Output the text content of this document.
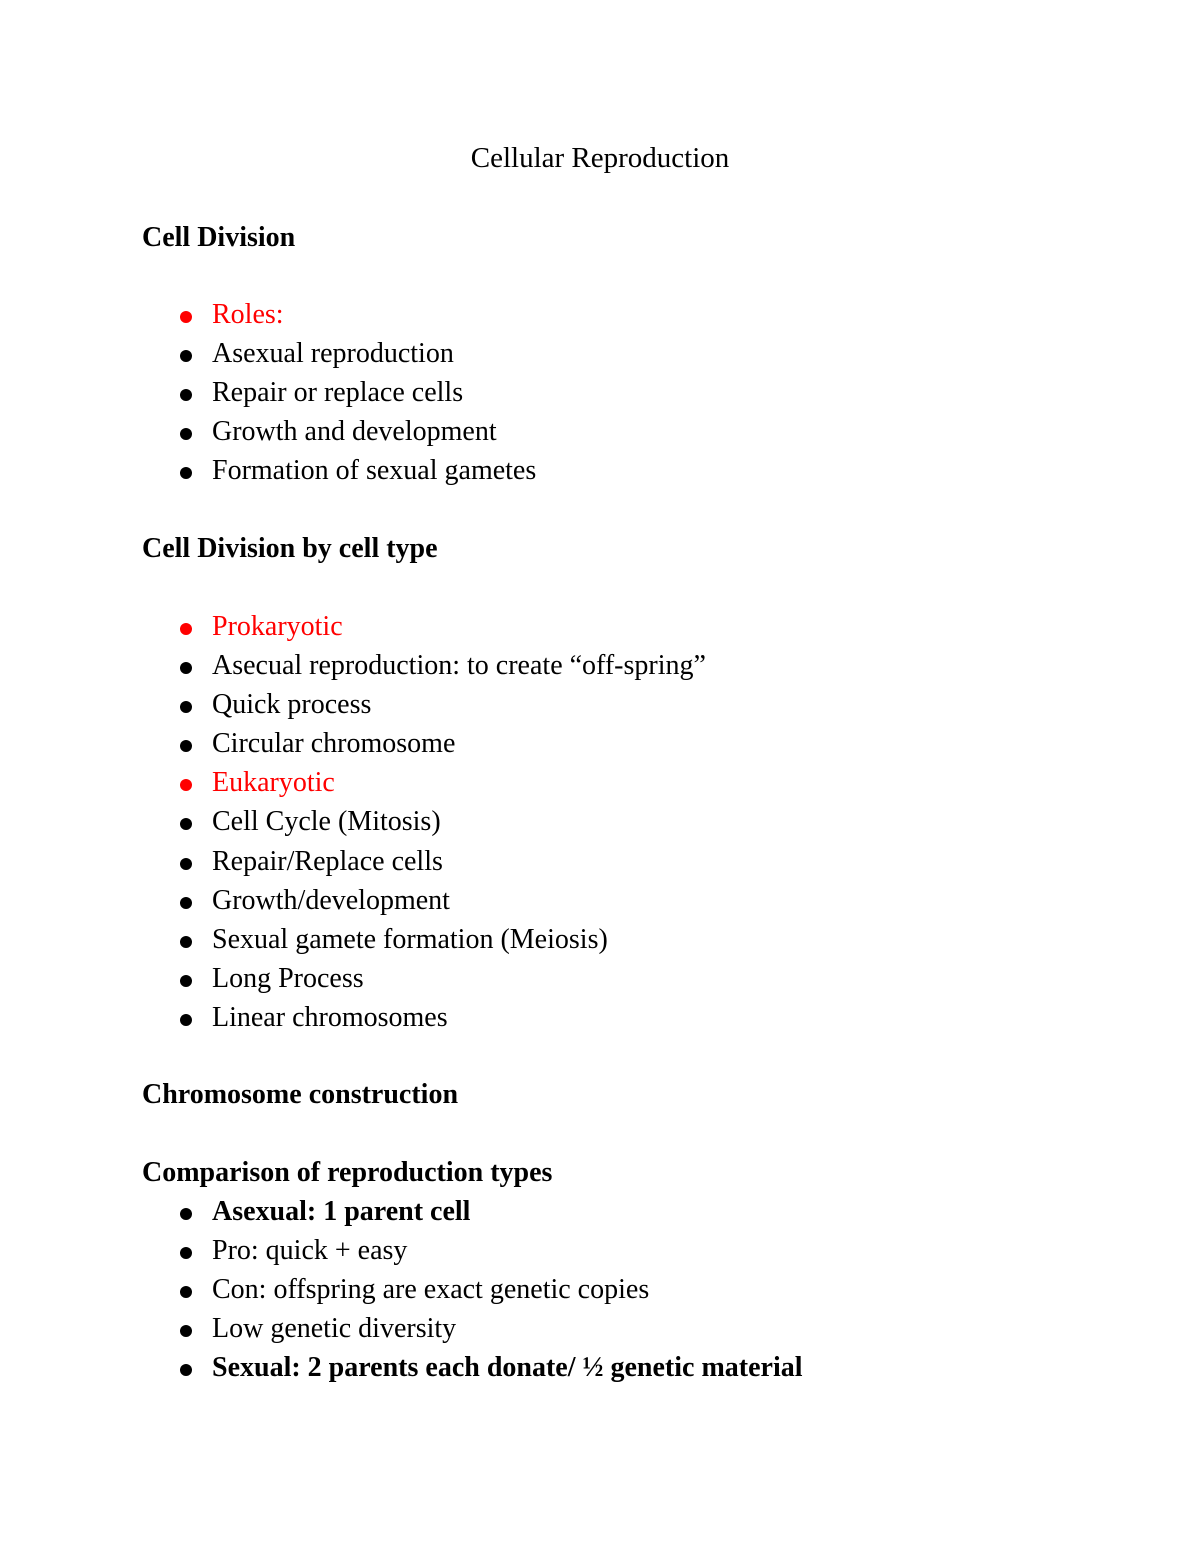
Cellular Reproduction
Cell Division
Roles:
Asexual reproduction
Repair or replace cells
Growth and development
Formation of sexual gametes
Cell Division by cell type
Prokaryotic
Asecual reproduction: to create “off-spring”
Quick process
Circular chromosome
Eukaryotic
Cell Cycle (Mitosis)
Repair/Replace cells
Growth/development
Sexual gamete formation (Meiosis)
Long Process
Linear chromosomes
Chromosome construction
Comparison of reproduction types
Asexual: 1 parent cell
Pro: quick + easy
Con: offspring are exact genetic copies
Low genetic diversity
Sexual: 2 parents each donate/ ½ genetic material
